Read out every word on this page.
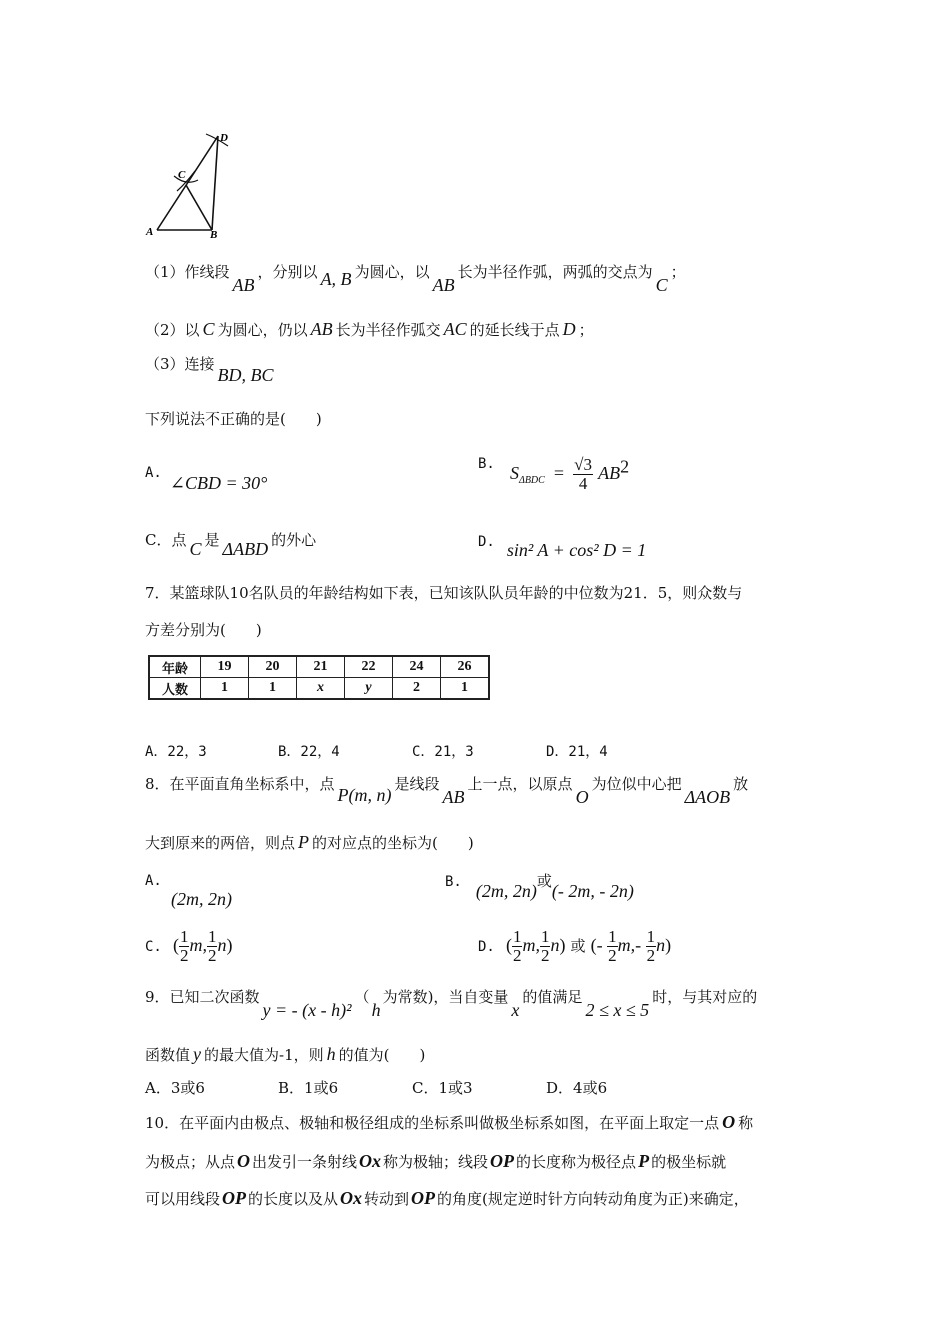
A	B
C
D
（1）作线段AB，分别以 A, B 为圆心，以AB长为半径作弧，两弧的交点为C；
（2）以 C 为圆心，仍以 AB 长为半径作弧交 AC 的延长线于点 D ；
（3）连接BD, BC
下列说法不正确的是(　　)
A. ∠CBD = 30°
B. $S_{\Delta BDC} = \frac{√3}{4} AB^2$
C．点 C 是 ΔABD 的外心	D. sin² A + cos² D = 1
7．某篮球队10名队员的年龄结构如下表，已知该队队员年龄的中位数为21．5，则众数与
方差分别为(　　)
年龄	19	20	21	22	24	26
人数	1	1	x	y	2	1
A．22，3	B．22，4	C．21，3	D．21，4
8．在平面直角坐标系中，点P(m, n)是线段AB上一点，以原点O为位似中心把ΔAOB放
大到原来的两倍，则点 P 的对应点的坐标为(　　)
A.
(2m, 2n)
B. (2m, 2n)或(- 2m, - 2n)
C. ( $\frac{1}{2} m$, $\frac{1}{2} n$)	D. ( $\frac{1}{2} m$, $\frac{1}{2} n$) 或 (- $\frac{1}{2} m,- \frac{1}{2} n$)
9．已知二次函数y = - (x - h)²（h为常数)，当自变量x的值满足2 ≤ x ≤ 5时，与其对应的
函数值 y 的最大值为-1，则 h 的值为(　　)
A．3或6	B．1或6	C．1或3	D．4或6
10．在平面内由极点、极轴和极径组成的坐标系叫做极坐标系如图，在平面上取定一点 O 称
为极点；从点 O 出发引一条射线 Ox 称为极轴；线段 OP 的长度称为极径点 P 的极坐标就
可以用线段 OP 的长度以及从 Ox 转动到 OP 的角度(规定逆时针方向转动角度为正)来确定，
